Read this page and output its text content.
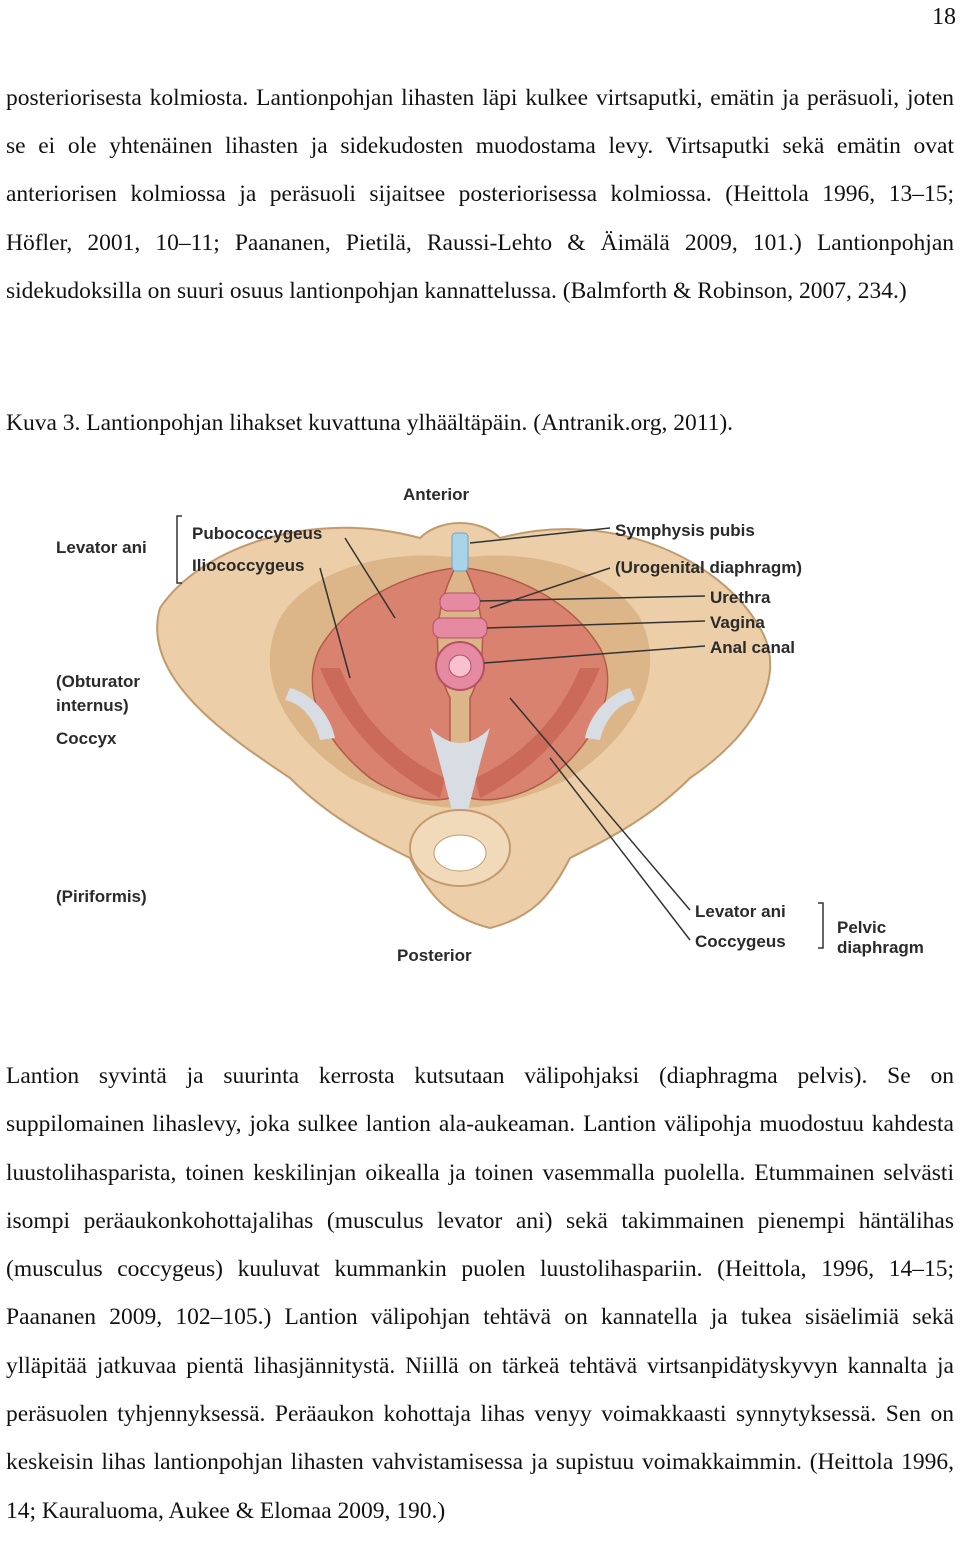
18

posteriorisesta kolmiosta. Lantionpohjan lihasten läpi kulkee virtsaputki, emätin ja peräsuoli, joten se ei ole yhtenäinen lihasten ja sidekudosten muodostama levy. Virtsaputki sekä emätin ovat anteriorisen kolmiossa ja peräsuoli sijaitsee posteriorisessa kolmiossa. (Heittola 1996, 13–15; Höfler, 2001, 10–11; Paananen, Pietilä, Raussi-Lehto & Äimälä 2009, 101.) Lantionpohjan sidekudoksilla on suuri osuus lantionpohjan kannattelussa. (Balmforth & Robinson, 2007, 234.)

Kuva 3. Lantionpohjan lihakset kuvattuna ylhäältäpäin. (Antranik.org, 2011).

Anterior
Levator ani
Pubococcygeus
Iliococcygeus
(Obturator
internus)
Coccyx
(Piriformis)
Symphysis pubis
(Urogenital diaphragm)
Urethra
Vagina
Anal canal
Posterior
Levator ani
Coccygeus
Pelvic
diaphragm

Lantion syvintä ja suurinta kerrosta kutsutaan välipohjaksi (diaphragma pelvis). Se on suppilomainen lihaslevy, joka sulkee lantion ala-aukeaman. Lantion välipohja muodostuu kahdesta luustolihasparista, toinen keskilinjan oikealla ja toinen vasemmalla puolella. Etummainen selvästi isompi peräaukonkohottajalihas (musculus levator ani) sekä takimmainen pienempi häntälihas (musculus coccygeus) kuuluvat kummankin puolen luustolihaspariin. (Heittola, 1996, 14–15; Paananen 2009, 102–105.) Lantion välipohjan tehtävä on kannatella ja tukea sisäelimiä sekä ylläpitää jatkuvaa pientä lihasjännitystä. Niillä on tärkeä tehtävä virtsanpidätyskyvyn kannalta ja peräsuolen tyhjennyksessä. Peräaukon kohottaja lihas venyy voimakkaasti synnytyksessä. Sen on keskeisin lihas lantionpohjan lihasten vahvistamisessa ja supistuu voimakkaimmin. (Heittola 1996, 14; Kauraluoma, Aukee & Elomaa 2009, 190.)
